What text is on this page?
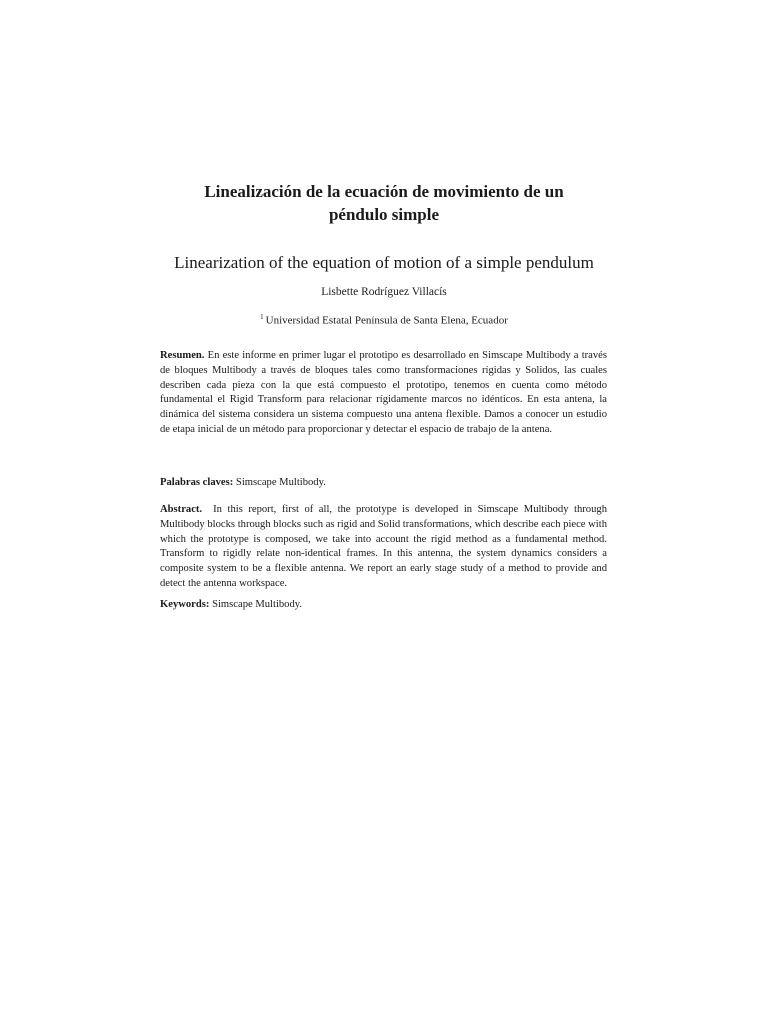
Linealización de la ecuación de movimiento de un
péndulo simple
Linearization of the equation of motion of a simple pendulum
Lisbette Rodríguez Villacís
$^1$ Universidad Estatal Península de Santa Elena, Ecuador

Resumen. En este informe en primer lugar el prototipo es desarrollado en Simscape Multibody a través de bloques Multibody a través de bloques tales como transformaciones rígidas y Solidos, las cuales describen cada pieza con la que está compuesto el prototipo, tenemos en cuenta como método fundamental el Rigid Transform para relacionar rígidamente marcos no idénticos. En esta antena, la dinámica del sistema considera un sistema compuesto una antena flexible. Damos a conocer un estudio de etapa inicial de un método para proporcionar y detectar el espacio de trabajo de la antena.

Palabras claves: Simscape Multibody.

Abstract. In this report, first of all, the prototype is developed in Simscape Multibody through Multibody blocks through blocks such as rigid and Solid transformations, which describe each piece with which the prototype is composed, we take into account the rigid method as a fundamental method. Transform to rigidly relate non-identical frames. In this antenna, the system dynamics considers a composite system to be a flexible antenna. We report an early stage study of a method to provide and detect the antenna workspace.

Keywords: Simscape Multibody.
